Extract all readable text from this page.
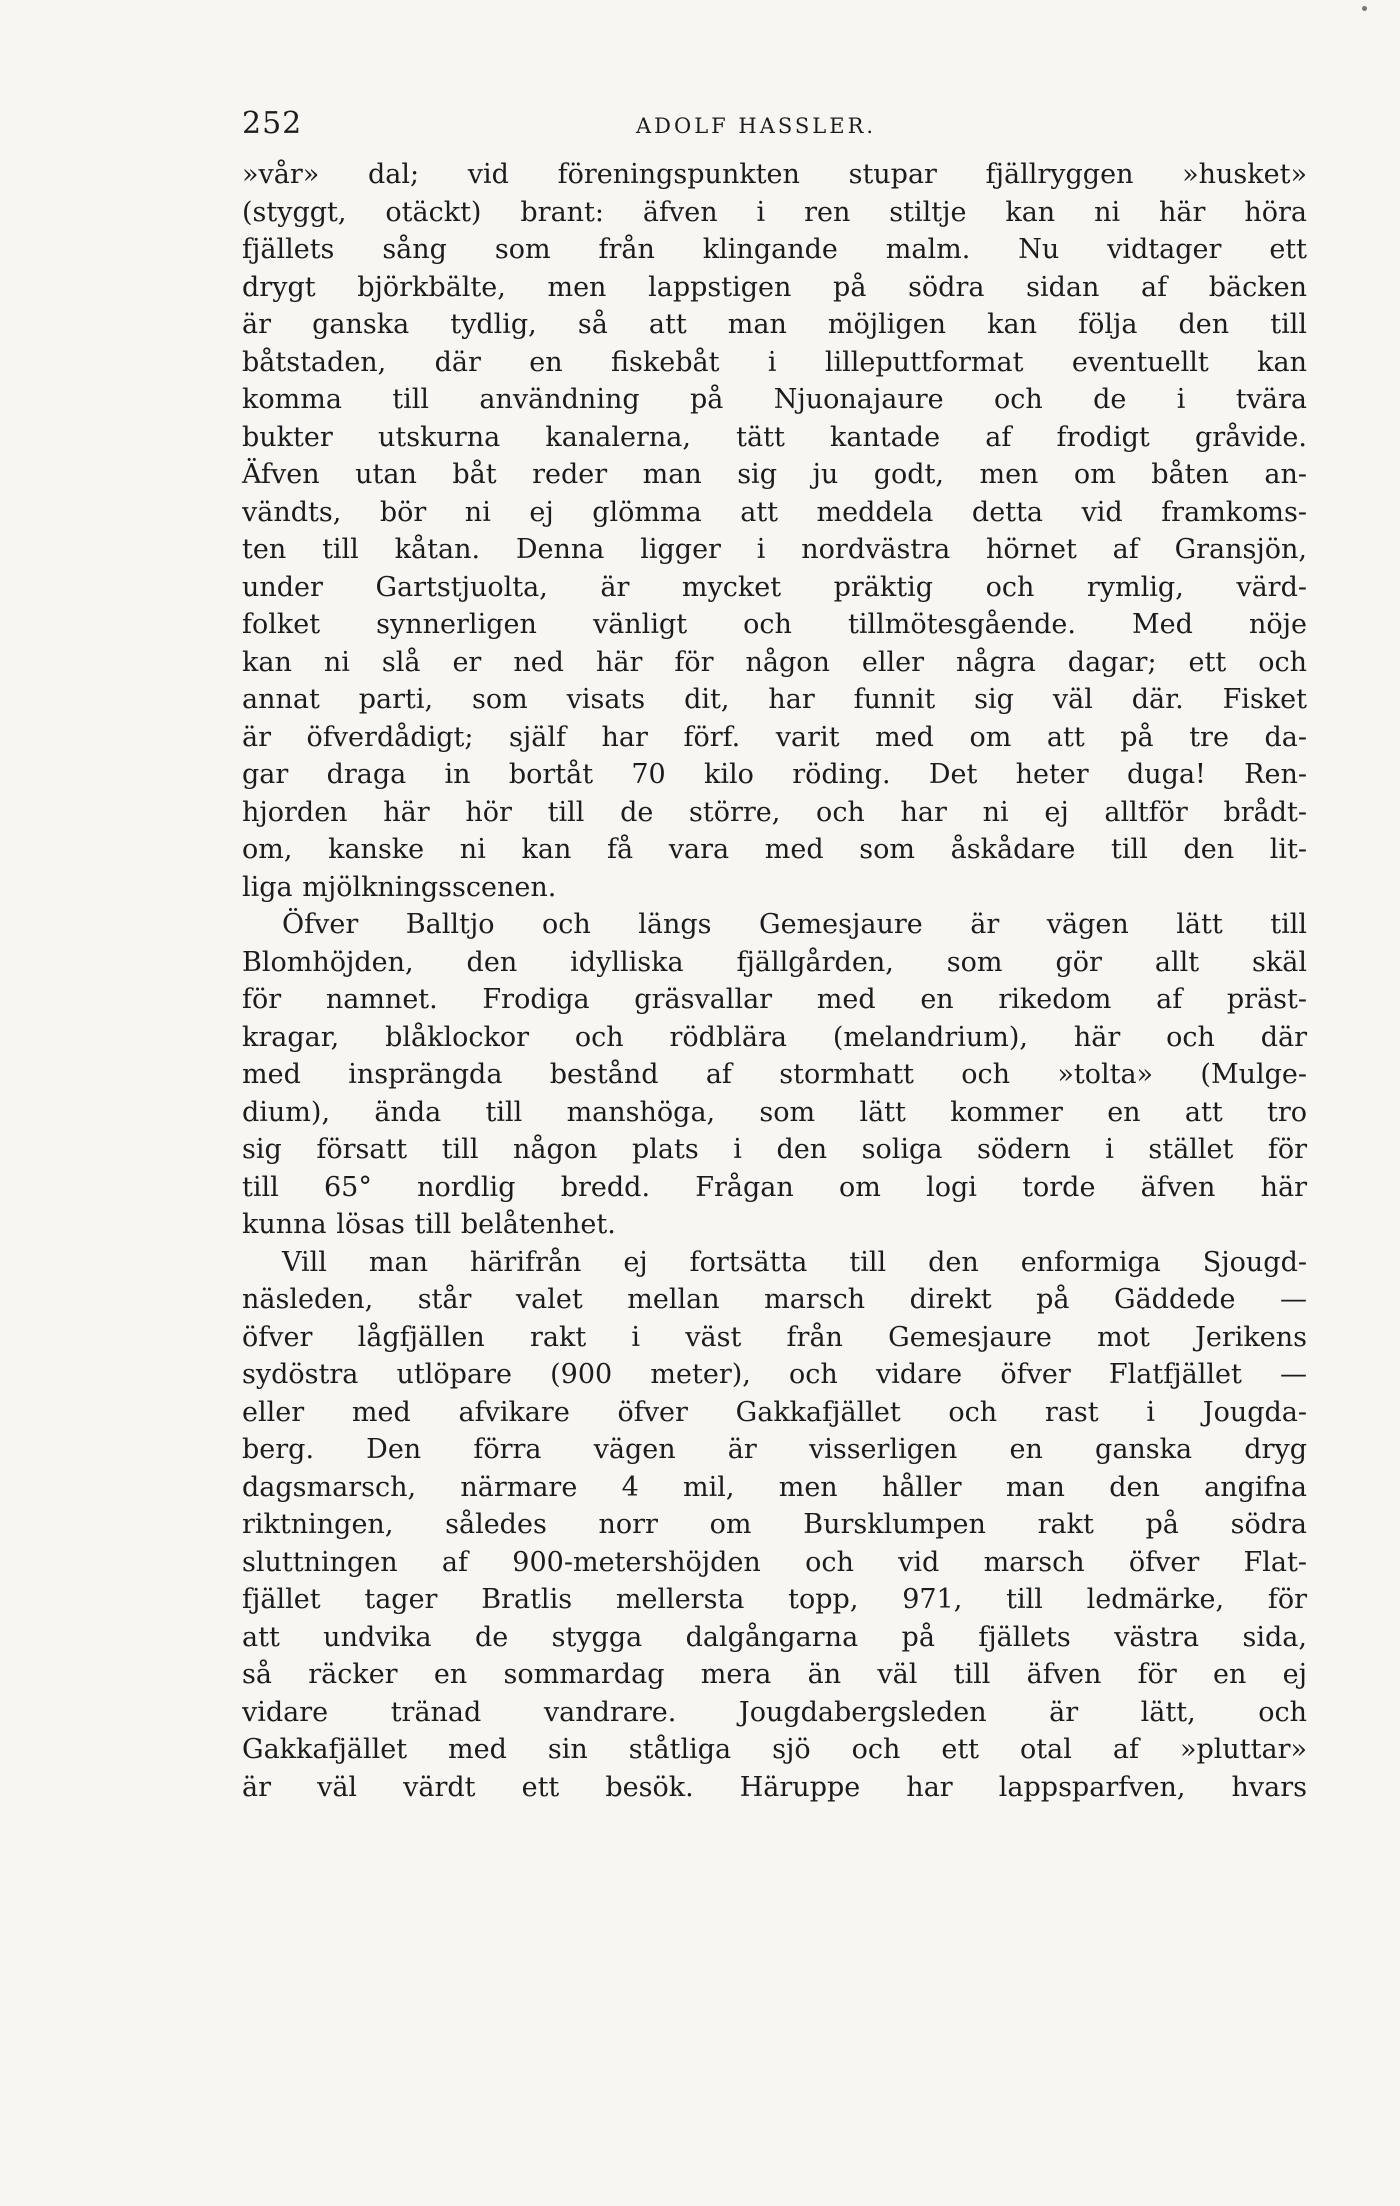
252	ADOLF HASSLER.
»vår» dal; vid föreningspunkten stupar fjällryggen »husket»
(styggt, otäckt) brant: äfven i ren stiltje kan ni här höra
fjällets sång som från klingande malm. Nu vidtager ett
drygt björkbälte, men lappstigen på södra sidan af bäcken
är ganska tydlig, så att man möjligen kan följa den till
båtstaden, där en fiskebåt i lilleputtformat eventuellt kan
komma till användning på Njuonajaure och de i tvära
bukter utskurna kanalerna, tätt kantade af frodigt gråvide.
Äfven utan båt reder man sig ju godt, men om båten an-
vändts, bör ni ej glömma att meddela detta vid framkoms-
ten till kåtan. Denna ligger i nordvästra hörnet af Gransjön,
under Gartstjuolta, är mycket präktig och rymlig, värd-
folket synnerligen vänligt och tillmötesgående. Med nöje
kan ni slå er ned här för någon eller några dagar; ett och
annat parti, som visats dit, har funnit sig väl där. Fisket
är öfverdådigt; själf har förf. varit med om att på tre da-
gar draga in bortåt 70 kilo röding. Det heter duga! Ren-
hjorden här hör till de större, och har ni ej alltför brådt-
om, kanske ni kan få vara med som åskådare till den lit-
liga mjölkningsscenen.
Öfver Balltjo och längs Gemesjaure är vägen lätt till
Blomhöjden, den idylliska fjällgården, som gör allt skäl
för namnet. Frodiga gräsvallar med en rikedom af präst-
kragar, blåklockor och rödblära (melandrium), här och där
med insprängda bestånd af stormhatt och »tolta» (Mulge-
dium), ända till manshöga, som lätt kommer en att tro
sig försatt till någon plats i den soliga södern i stället för
till 65° nordlig bredd. Frågan om logi torde äfven här
kunna lösas till belåtenhet.
Vill man härifrån ej fortsätta till den enformiga Sjougd-
näsleden, står valet mellan marsch direkt på Gäddede —
öfver lågfjällen rakt i väst från Gemesjaure mot Jerikens
sydöstra utlöpare (900 meter), och vidare öfver Flatfjället —
eller med afvikare öfver Gakkafjället och rast i Jougda-
berg. Den förra vägen är visserligen en ganska dryg
dagsmarsch, närmare 4 mil, men håller man den angifna
riktningen, således norr om Bursklumpen rakt på södra
sluttningen af 900-metershöjden och vid marsch öfver Flat-
fjället tager Bratlis mellersta topp, 971, till ledmärke, för
att undvika de stygga dalgångarna på fjällets västra sida,
så räcker en sommardag mera än väl till äfven för en ej
vidare tränad vandrare. Jougdabergsleden är lätt, och
Gakkafjället med sin ståtliga sjö och ett otal af »pluttar»
är väl värdt ett besök. Häruppe har lappsparfven, hvars
